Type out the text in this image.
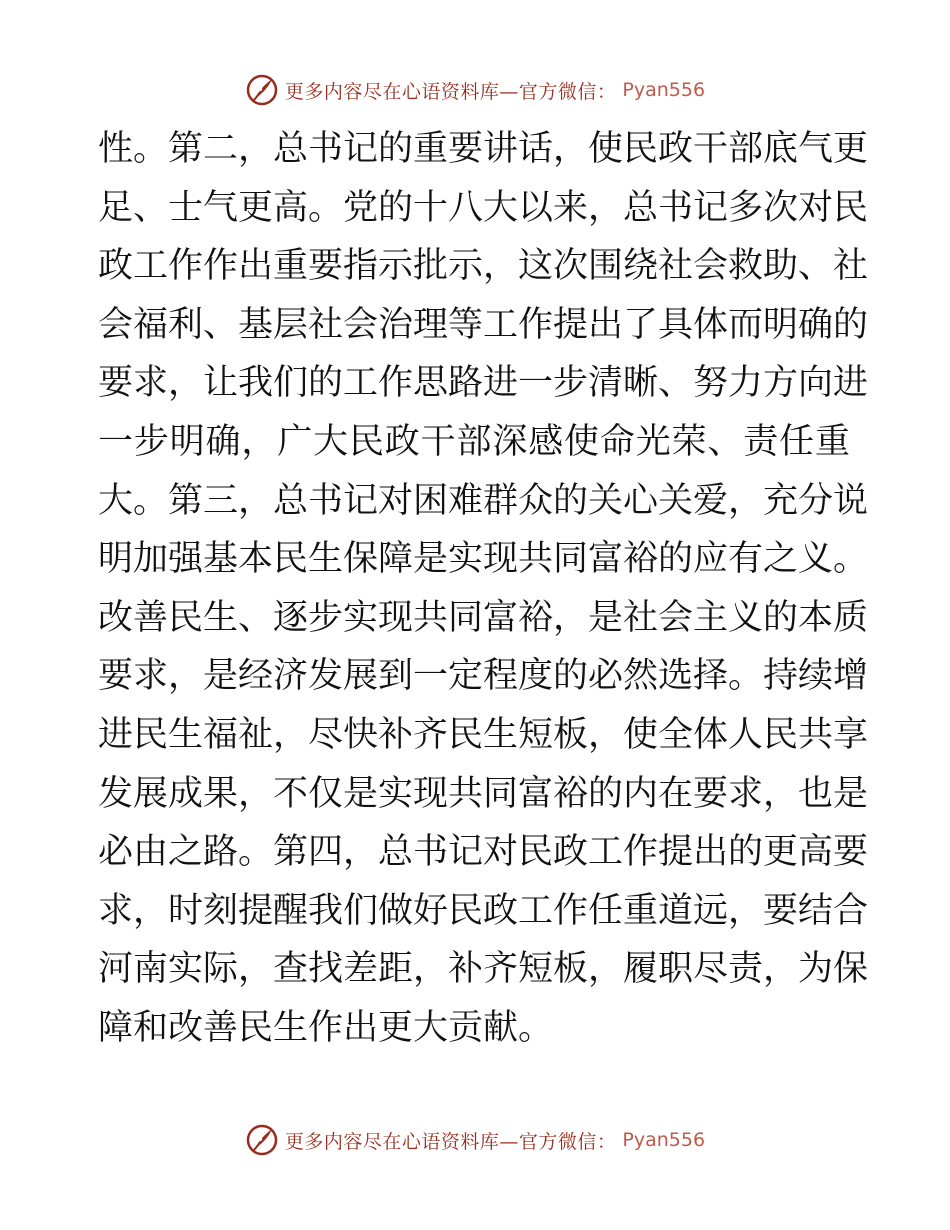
更多内容尽在心语资料库—官方微信： Pyan556
性。第二，总书记的重要讲话，使民政干部底气更
足、士气更高。党的十八大以来，总书记多次对民
政工作作出重要指示批示，这次围绕社会救助、社
会福利、基层社会治理等工作提出了具体而明确的
要求，让我们的工作思路进一步清晰、努力方向进
一步明确，广大民政干部深感使命光荣、责任重
大。第三，总书记对困难群众的关心关爱，充分说
明加强基本民生保障是实现共同富裕的应有之义。
改善民生、逐步实现共同富裕，是社会主义的本质
要求，是经济发展到一定程度的必然选择。持续增
进民生福祉，尽快补齐民生短板，使全体人民共享
发展成果，不仅是实现共同富裕的内在要求，也是
必由之路。第四，总书记对民政工作提出的更高要
求，时刻提醒我们做好民政工作任重道远，要结合
河南实际，查找差距，补齐短板，履职尽责，为保
障和改善民生作出更大贡献。
更多内容尽在心语资料库—官方微信： Pyan556
